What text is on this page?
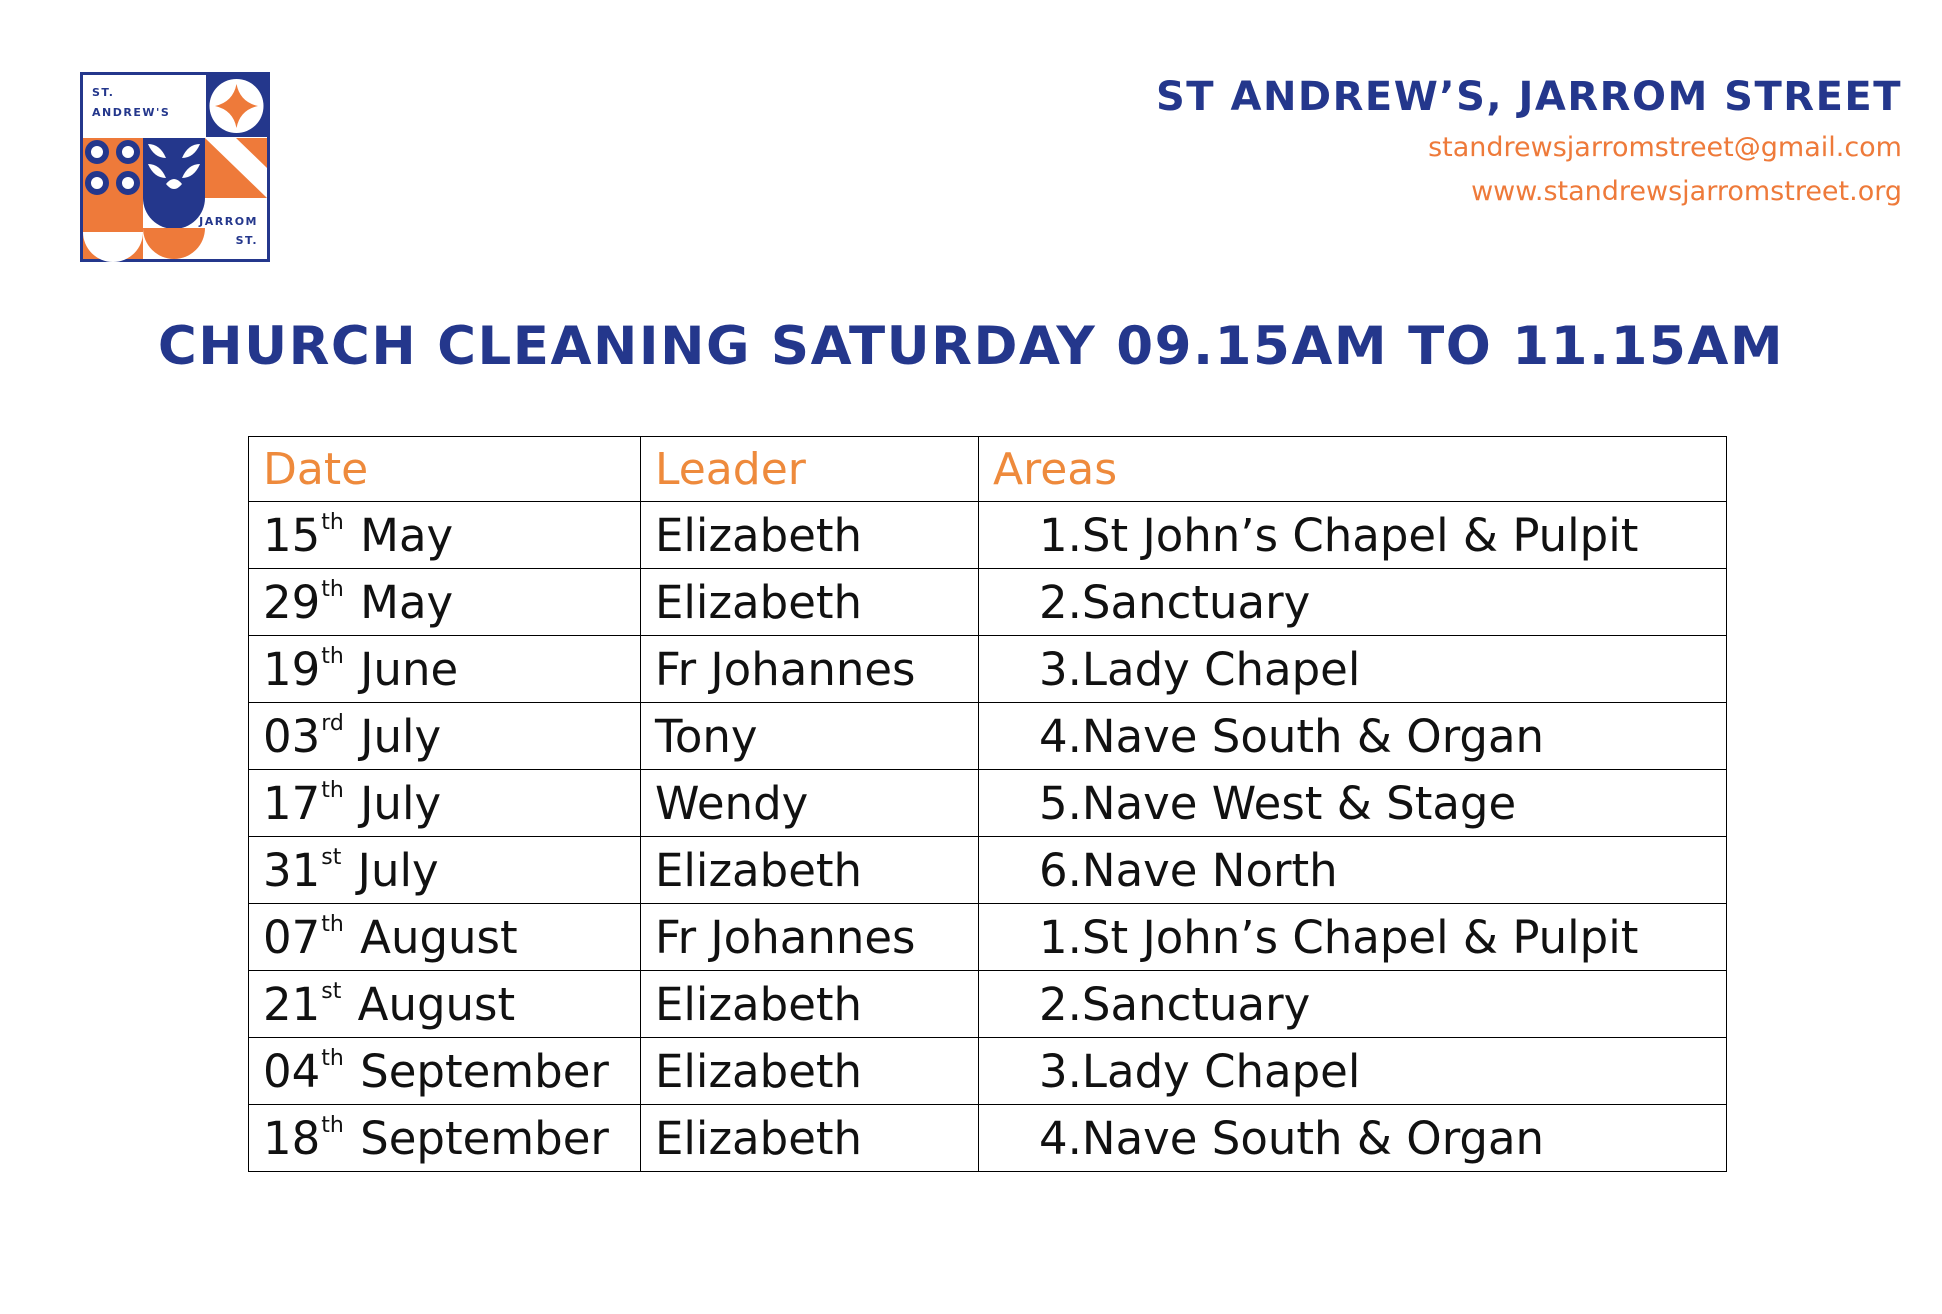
ST.
ANDREW'S
JARROM
ST.
ST ANDREW’S, JARROM STREET
standrewsjarromstreet@gmail.com
www.standrewsjarromstreet.org
CHURCH CLEANING SATURDAY 09.15AM TO 11.15AM
Date	Leader	Areas
15th May	Elizabeth	1.St John’s Chapel & Pulpit
29th May	Elizabeth	2.Sanctuary
19th June	Fr Johannes	3.Lady Chapel
03rd July	Tony	4.Nave South & Organ
17th July	Wendy	5.Nave West & Stage
31st July	Elizabeth	6.Nave North
07th August	Fr Johannes	1.St John’s Chapel & Pulpit
21st August	Elizabeth	2.Sanctuary
04th September	Elizabeth	3.Lady Chapel
18th September	Elizabeth	4.Nave South & Organ
